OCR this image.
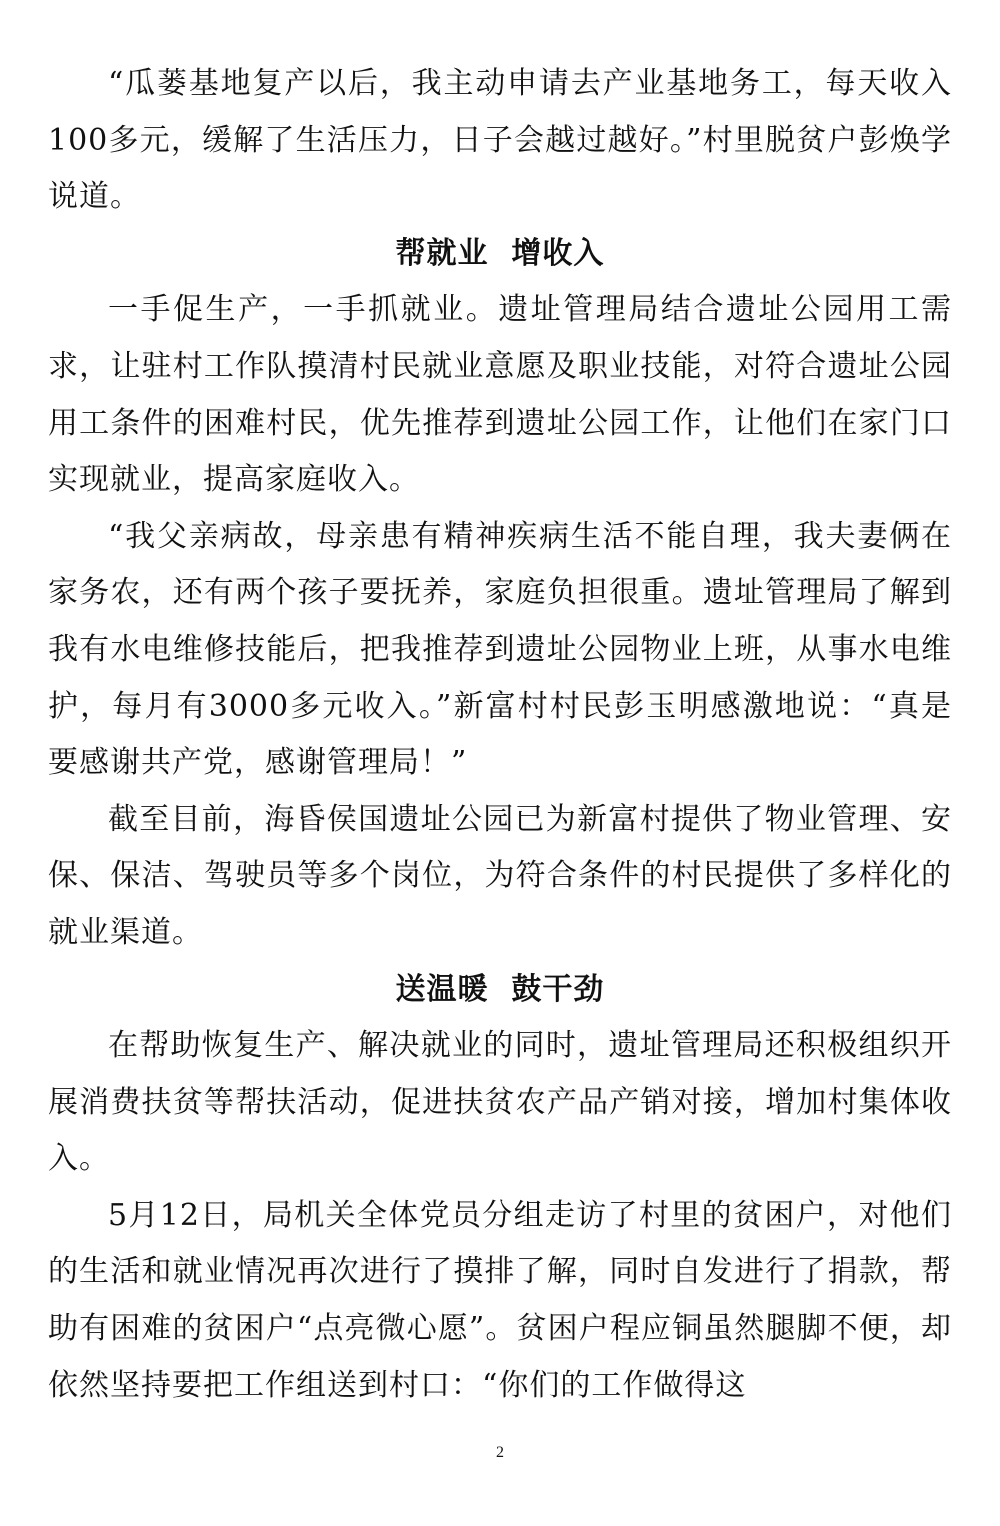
“瓜蒌基地复产以后，我主动申请去产业基地务工，每天收入100多元，缓解了生活压力，日子会越过越好。”村里脱贫户彭焕学说道。

帮就业  增收入

一手促生产，一手抓就业。遗址管理局结合遗址公园用工需求，让驻村工作队摸清村民就业意愿及职业技能，对符合遗址公园用工条件的困难村民，优先推荐到遗址公园工作，让他们在家门口实现就业，提高家庭收入。

“我父亲病故，母亲患有精神疾病生活不能自理，我夫妻俩在家务农，还有两个孩子要抚养，家庭负担很重。遗址管理局了解到我有水电维修技能后，把我推荐到遗址公园物业上班，从事水电维护，每月有3000多元收入。”新富村村民彭玉明感激地说：“真是要感谢共产党，感谢管理局！”

截至目前，海昏侯国遗址公园已为新富村提供了物业管理、安保、保洁、驾驶员等多个岗位，为符合条件的村民提供了多样化的就业渠道。

送温暖  鼓干劲

在帮助恢复生产、解决就业的同时，遗址管理局还积极组织开展消费扶贫等帮扶活动，促进扶贫农产品产销对接，增加村集体收入。

5月12日，局机关全体党员分组走访了村里的贫困户，对他们的生活和就业情况再次进行了摸排了解，同时自发进行了捐款，帮助有困难的贫困户“点亮微心愿”。贫困户程应铜虽然腿脚不便，却依然坚持要把工作组送到村口：“你们的工作做得这

2
